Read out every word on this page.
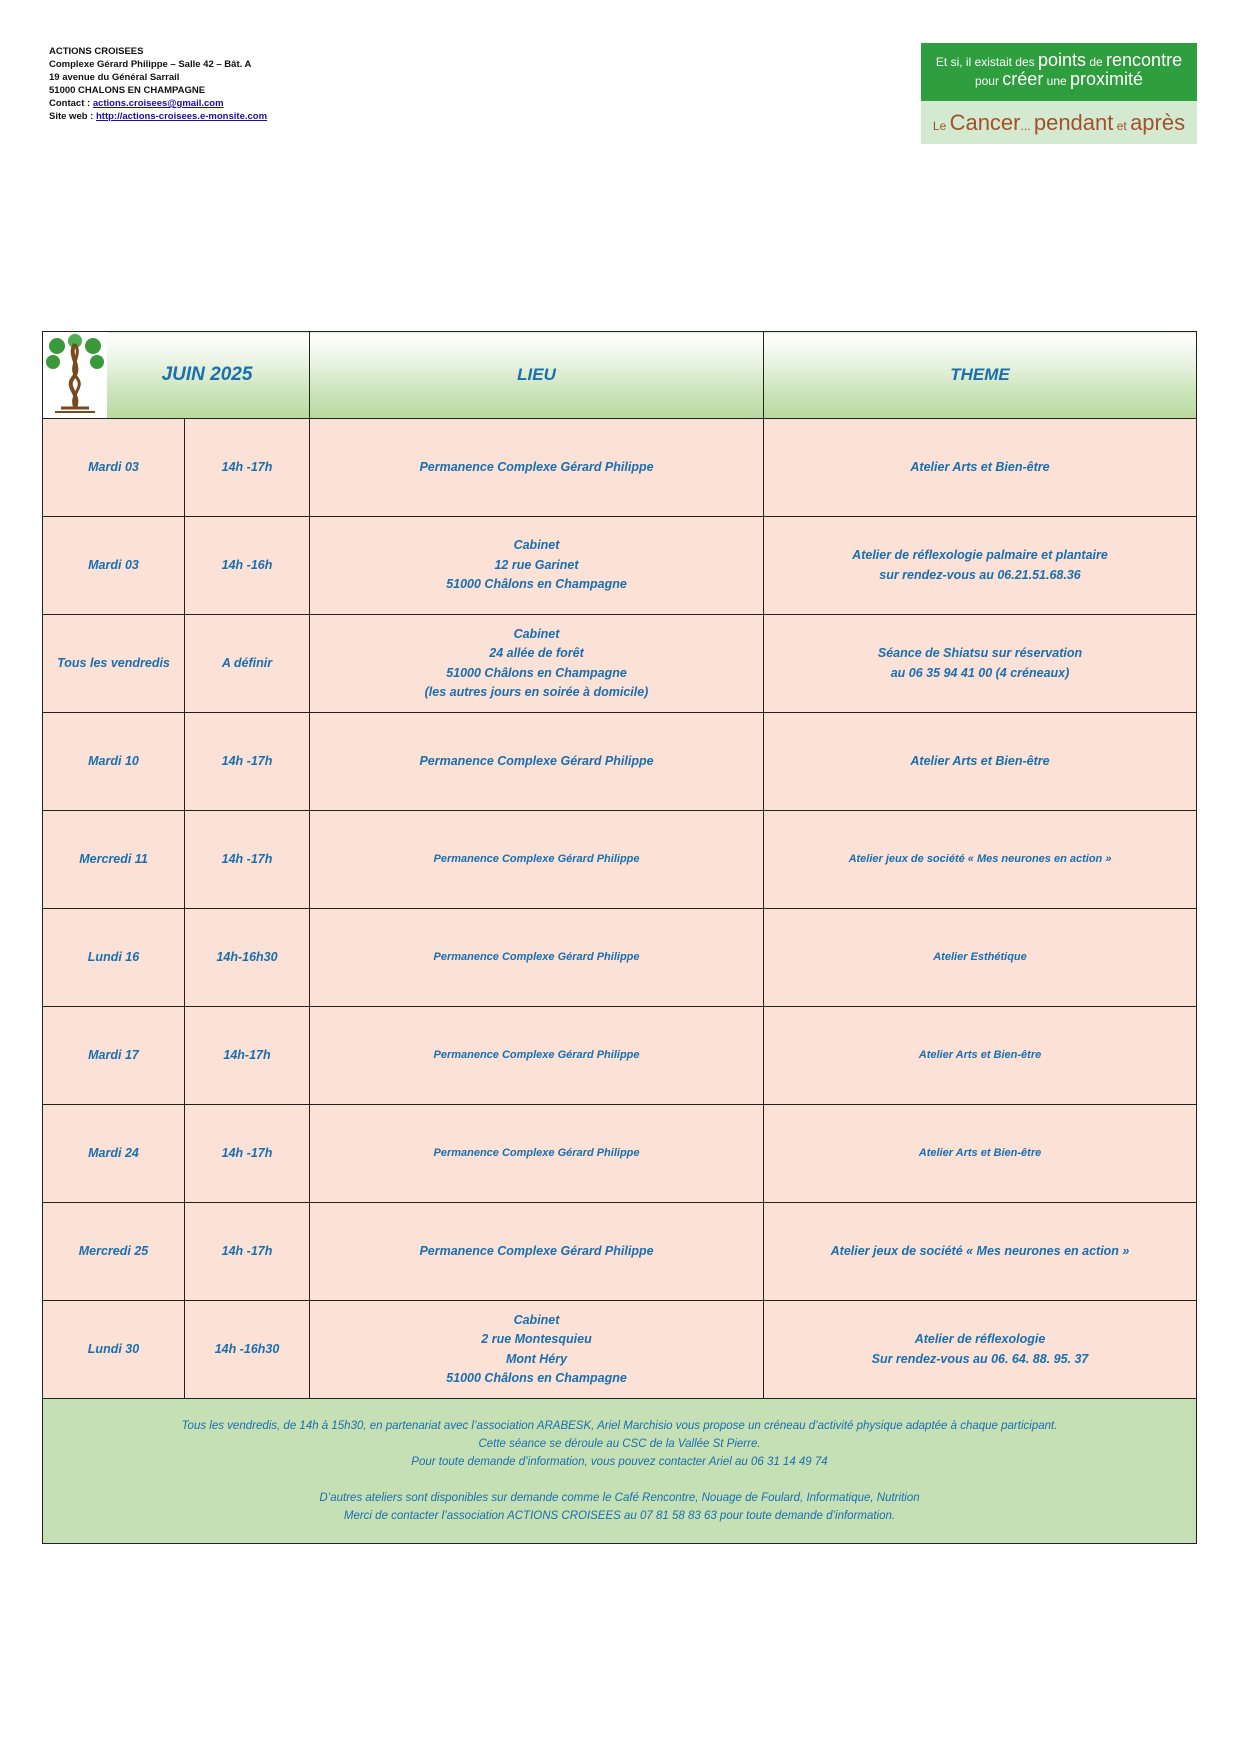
ACTIONS CROISEES
Complexe Gérard Philippe – Salle 42 – Bât. A
19 avenue du Général Sarrail
51000 CHALONS EN CHAMPAGNE
Contact : actions.croisees@gmail.com
Site web : http://actions-croisees.e-monsite.com
Et si, il existait des points de rencontre
pour créer une proximité
Le Cancer... pendant et après
JUIN 2025		LIEU	THEME
Mardi 03	14h -17h	Permanence Complexe Gérard Philippe	Atelier Arts et Bien-être

Mardi 03	14h -16h	Cabinet
12 rue Garinet
51000 Châlons en Champagne	Atelier de réflexologie palmaire et plantaire
sur rendez-vous au 06.21.51.68.36

Tous les vendredis	A définir	Cabinet
24 allée de forêt
51000 Châlons en Champagne
(les autres jours en soirée à domicile)	Séance de Shiatsu sur réservation
au 06 35 94 41 00 (4 créneaux)

Mardi 10	14h -17h	Permanence Complexe Gérard Philippe	Atelier Arts et Bien-être

Mercredi 11	14h -17h	Permanence Complexe Gérard Philippe	Atelier jeux de société « Mes neurones en action »

Lundi 16	14h-16h30	Permanence Complexe Gérard Philippe	Atelier Esthétique

Mardi 17	14h-17h	Permanence Complexe Gérard Philippe	Atelier Arts et Bien-être

Mardi 24	14h -17h	Permanence Complexe Gérard Philippe	Atelier Arts et Bien-être

Mercredi 25	14h -17h	Permanence Complexe Gérard Philippe	Atelier jeux de société « Mes neurones en action »

Lundi 30	14h -16h30	Cabinet
2 rue Montesquieu
Mont Héry
51000 Châlons en Champagne	Atelier de réflexologie
Sur rendez-vous au 06. 64. 88. 95. 37

Tous les vendredis, de 14h à 15h30, en partenariat avec l’association ARABESK, Ariel Marchisio vous propose un créneau d’activité physique adaptée à chaque participant.
Cette séance se déroule au CSC de la Vallée St Pierre.
Pour toute demande d’information, vous pouvez contacter Ariel au 06 31 14 49 74
D’autres ateliers sont disponibles sur demande comme le Café Rencontre, Nouage de Foulard, Informatique, Nutrition
Merci de contacter l’association ACTIONS CROISEES au 07 81 58 83 63 pour toute demande d’information.			
